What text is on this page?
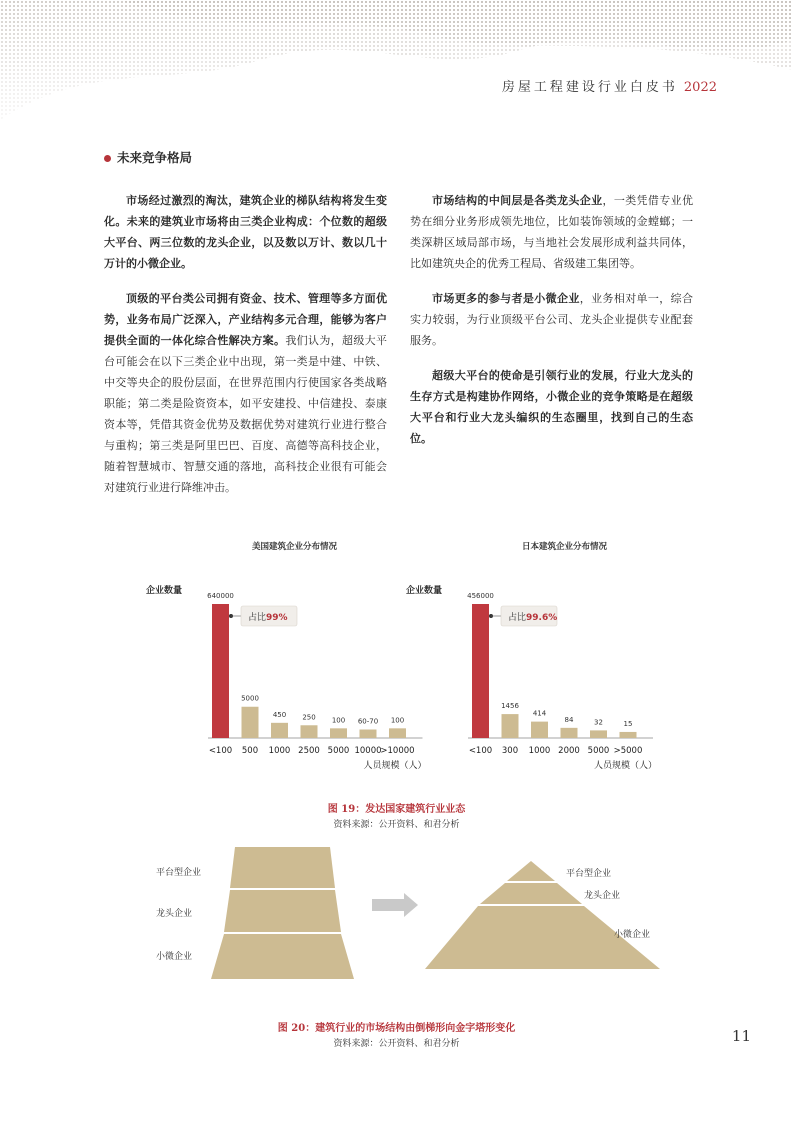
房屋工程建设行业白皮书 2022
未来竞争格局

市场经过激烈的淘汰，建筑企业的梯队结构将发生变化。未来的建筑业市场将由三类企业构成：个位数的超级大平台、两三位数的龙头企业，以及数以万计、数以几十万计的小微企业。

顶级的平台类公司拥有资金、技术、管理等多方面优势，业务布局广泛深入，产业结构多元合理，能够为客户提供全面的一体化综合性解决方案。我们认为，超级大平台可能会在以下三类企业中出现，第一类是中建、中铁、中交等央企的股份层面，在世界范围内行使国家各类战略职能；第二类是险资资本，如平安建投、中信建投、泰康资本等，凭借其资金优势及数据优势对建筑行业进行整合与重构；第三类是阿里巴巴、百度、高德等高科技企业，随着智慧城市、智慧交通的落地，高科技企业很有可能会对建筑行业进行降维冲击。

市场结构的中间层是各类龙头企业，一类凭借专业优势在细分业务形成领先地位，比如装饰领域的金螳螂；一类深耕区域局部市场，与当地社会发展形成利益共同体，比如建筑央企的优秀工程局、省级建工集团等。

市场更多的参与者是小微企业，业务相对单一，综合实力较弱，为行业顶级平台公司、龙头企业提供专业配套服务。

超级大平台的使命是引领行业的发展，行业大龙头的生存方式是构建协作网络，小微企业的竞争策略是在超级大平台和行业大龙头编织的生态圈里，找到自己的生态位。

美国建筑企业分布情况
企业数量	640000
<100
5000
500
450
1000
250
2500
100
5000
60-70
10000
100
>10000
人员规模（人）
占比99%
日本建筑企业分布情况
企业数量	456000
<100
1456
300
414
1000
84
2000
32
5000
15
>5000
人员规模（人）
占比99.6%
图 19：发达国家建筑行业业态
资料来源：公开资料、和君分析
平台型企业
龙头企业
小微企业
平台型企业
龙头企业
小微企业
图 20：建筑行业的市场结构由倒梯形向金字塔形变化
资料来源：公开资料、和君分析	11
